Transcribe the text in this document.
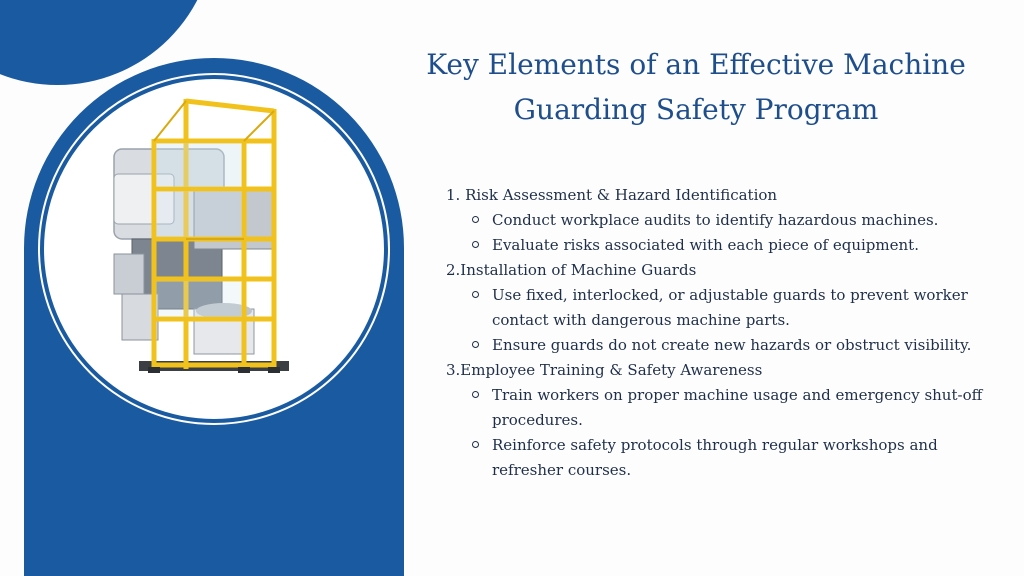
Key Elements of an Effective Machine
Guarding Safety Program

1. Risk Assessment & Hazard Identification

Conduct workplace audits to identify hazardous machines.
Evaluate risks associated with each piece of equipment.

2.Installation of Machine Guards

Use fixed, interlocked, or adjustable guards to prevent worker contact with dangerous machine parts.
Ensure guards do not create new hazards or obstruct visibility.

3.Employee Training & Safety Awareness

Train workers on proper machine usage and emergency shut-off procedures.
Reinforce safety protocols through regular workshops and refresher courses.
